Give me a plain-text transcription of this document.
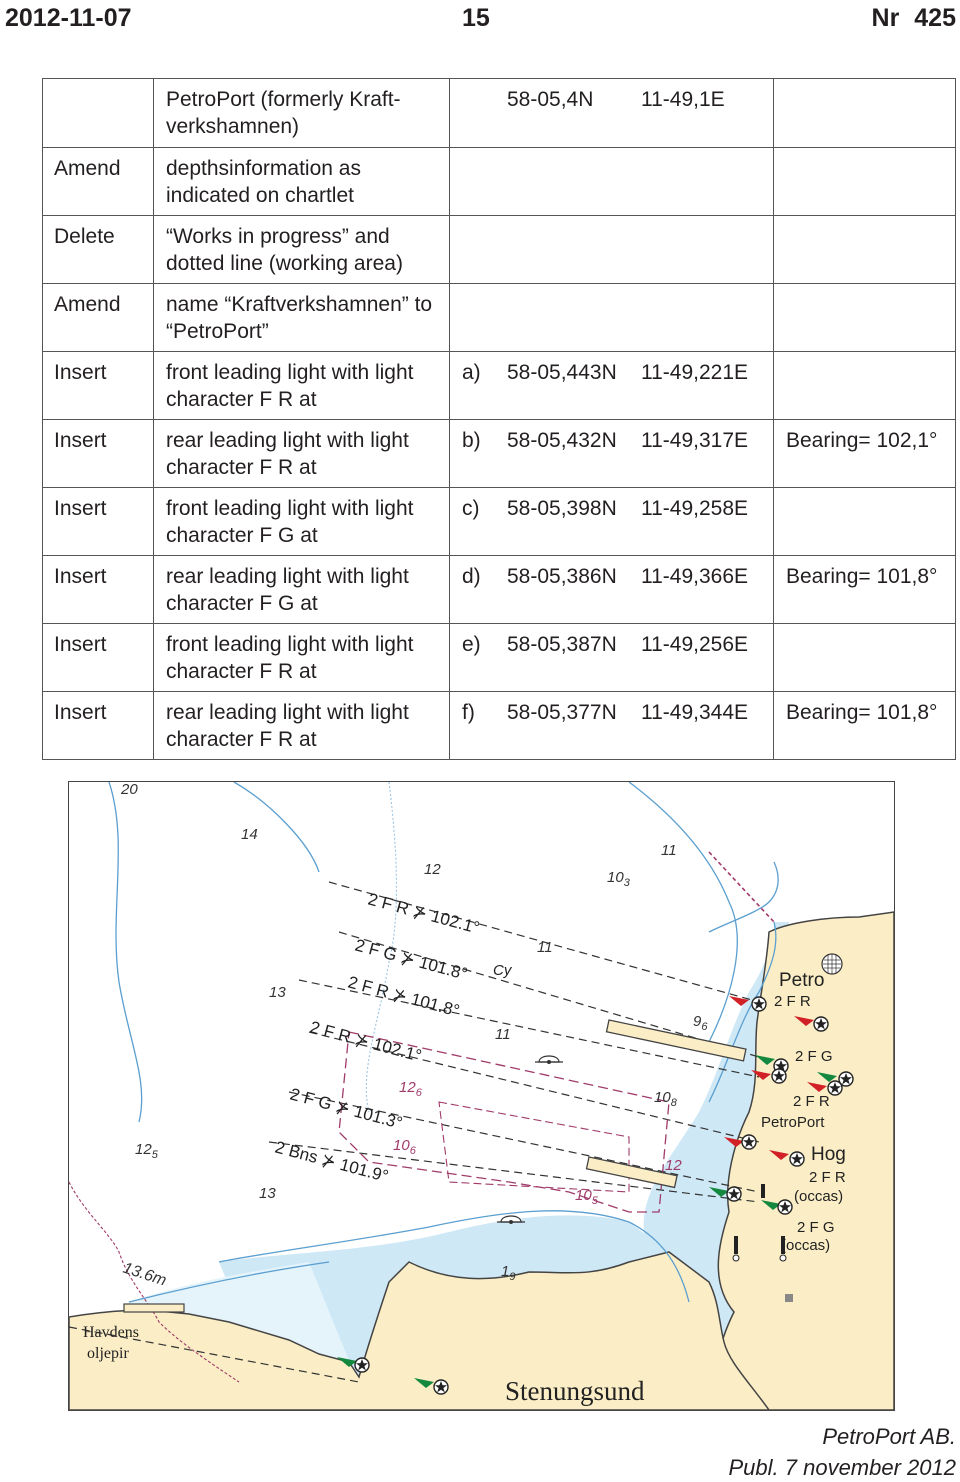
2012-11-07	15	Nr 425
	PetroPort (formerly Kraft-verkshamnen)		58-05,4N	11-49,1E	
Amend	depthsinformation as indicated on chartlet				
Delete	“Works in progress” and dotted line (working area)				
Amend	name “Kraftverkshamnen” to “PetroPort”				
Insert	front leading light with light character F R at	a)	58-05,443N	11-49,221E	
Insert	rear leading light with light character F R at	b)	58-05,432N	11-49,317E	Bearing= 102,1°
Insert	front leading light with light character F G at	c)	58-05,398N	11-49,258E	
Insert	rear leading light with light character F G at	d)	58-05,386N	11-49,366E	Bearing= 101,8°
Insert	front leading light with light character F R at	e)	58-05,387N	11-49,256E	
Insert	rear leading light with light character F R at	f)	58-05,377N	11-49,344E	Bearing= 101,8°
20
14
12	$10_3$
11
11
11
13
13
$9_6$
$10_8$
$12_5$
$1_9$
13.6m
$12_6$
$10_6$
12
$10_5$
2 F R ⊁ 102.1°
2 F G ⊁ 101.8°
2 F R ⊁ 101.8°
2 F R ⊁ 102.1°
2 F G ⊁ 101.3°
2 Bns ⊁ 101.9°
Cy	Petro
2 F R
2 F G
2 F R
PetroPort
Hog
2 F R
(occas)
2 F G
(occas)
Havdens
oljepir
Stenungsund
PetroPort AB.
Publ. 7 november 2012
